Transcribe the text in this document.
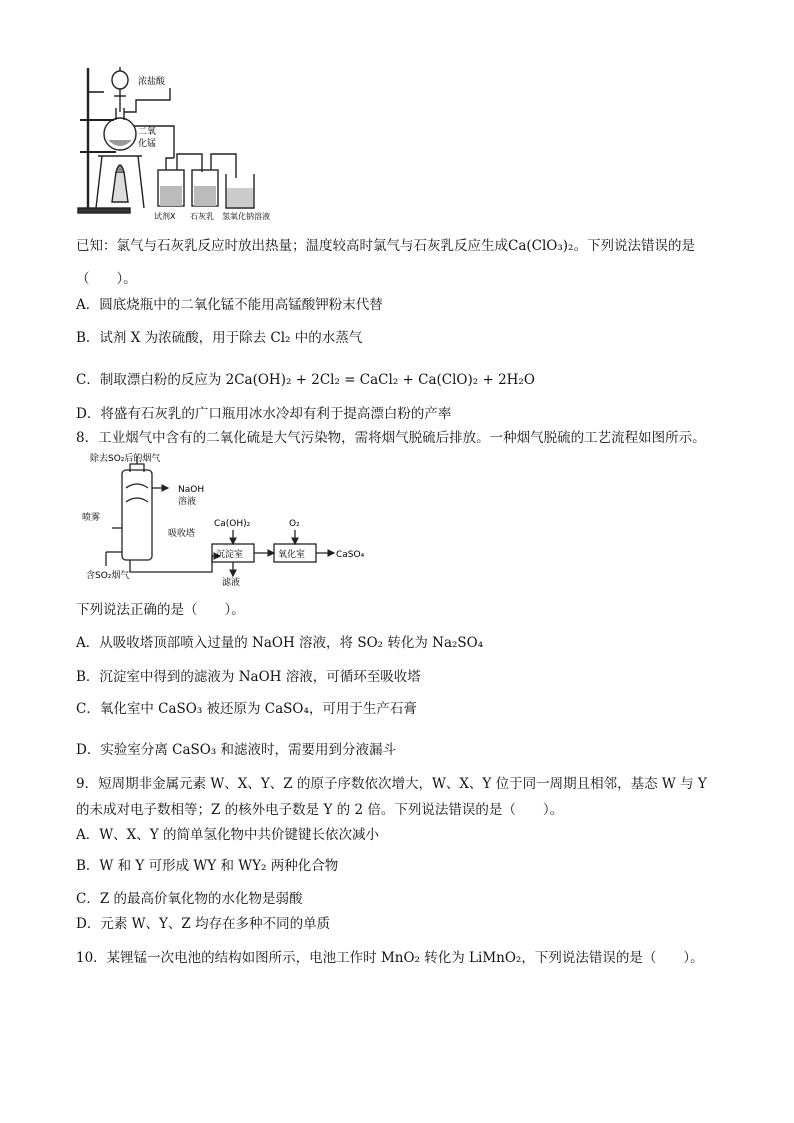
浓盐酸
二氧
化锰
试剂X 石灰乳 氢氧化钠溶液
已知：氯气与石灰乳反应时放出热量；温度较高时氯气与石灰乳反应生成Ca(ClO₃)₂。下列说法错误的是
（　　）。
A．圆底烧瓶中的二氧化锰不能用高锰酸钾粉末代替
B．试剂 X 为浓硫酸，用于除去 Cl₂ 中的水蒸气
C．制取漂白粉的反应为 2Ca(OH)₂ + 2Cl₂ = CaCl₂ + Ca(ClO)₂ + 2H₂O
D．将盛有石灰乳的广口瓶用冰水冷却有利于提高漂白粉的产率
8．工业烟气中含有的二氧化硫是大气污染物，需将烟气脱硫后排放。一种烟气脱硫的工艺流程如图所示。
除去SO₂后的烟气
NaOH
溶液
喷雾
吸收塔
含SO₂烟气
Ca(OH)₂	O₂
沉淀室	氧化室
滤液
CaSO₄
下列说法正确的是（　　）。
A．从吸收塔顶部喷入过量的 NaOH 溶液，将 SO₂ 转化为 Na₂SO₄
B．沉淀室中得到的滤液为 NaOH 溶液，可循环至吸收塔
C．氧化室中 CaSO₃ 被还原为 CaSO₄，可用于生产石膏
D．实验室分离 CaSO₃ 和滤液时，需要用到分液漏斗
9．短周期非金属元素 W、X、Y、Z 的原子序数依次增大，W、X、Y 位于同一周期且相邻，基态 W 与 Y
的未成对电子数相等；Z 的核外电子数是 Y 的 2 倍。下列说法错误的是（　　）。
A．W、X、Y 的简单氢化物中共价键键长依次减小
B．W 和 Y 可形成 WY 和 WY₂ 两种化合物
C．Z 的最高价氧化物的水化物是弱酸
D．元素 W、Y、Z 均存在多种不同的单质
10．某锂锰一次电池的结构如图所示，电池工作时 MnO₂ 转化为 LiMnO₂，下列说法错误的是（　　）。
